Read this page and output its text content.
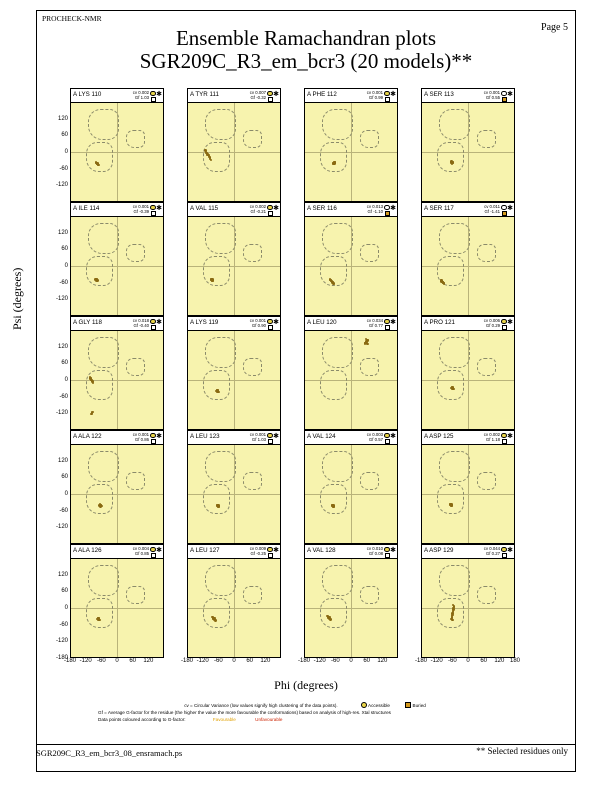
PROCHECK-NMR
Page 5
Ensemble Ramachandran plots
SGR209C_R3_em_bcr3 (20 models)**
Psi (degrees)
120
60
0
-60
-120
120
60
0
-60
-120
120
60
0
-60
-120
120
60
0
-60
-120
120
60
0
-60
-120
-180
-180 -120 -60	0	60	120	-180 -120 -60	0	60	120	-180 -120 -60	0	60	120	-180 -120 -60	0	60	120 180
Phi (degrees)
A LYS 110	cv 0.002
Gf 1.03 ✱	A TYR 111	cv 0.007
Gf -0.32 ✱	A PHE 112	cv 0.001
Gf 0.99 ✱	A SER 113	cv 0.001
Gf 0.55 ✱
A ILE 114	cv 0.001
Gf -0.39 ✱	A VAL 115	cv 0.002
Gf -0.21 ✱	A SER 116	cv 0.013
Gf -1.10 ✱	A SER 117	cv 0.011
Gf -1.41 ✱
A GLY 118	cv 0.018
Gf -0.40 ✱	A LYS 119	cv 0.001
Gf 0.90 ✱	A LEU 120	cv 0.034
Gf 0.77 ✱	A PRO 121	cv 0.006
Gf 0.29 ✱
A ALA 122	cv 0.001
Gf 0.86 ✱	A LEU 123	cv 0.001
Gf 1.03 ✱	A VAL 124	cv 0.003
Gf 0.57 ✱	A ASP 125	cv 0.002
Gf 1.18 ✱
A ALA 126	cv 0.004
Gf 0.85 ✱	A LEU 127	cv 0.009
Gf -0.25 ✱	A VAL 128	cv 0.010
Gf 0.08 ✱	A ASP 129	cv 0.044
Gf 0.27 ✱
cv = Circular Variance (low values signify high clustering of the data points).	Accessible	Buried
Gf = Average G-factor for the residue (the higher the value the more favourable the conformations) based on analysis of high-res. Xtal structures
Data points coloured according to G-factor:	Favourable	Unfavourable
SGR209C_R3_em_bcr3_08_ensramach.ps	** Selected residues only
